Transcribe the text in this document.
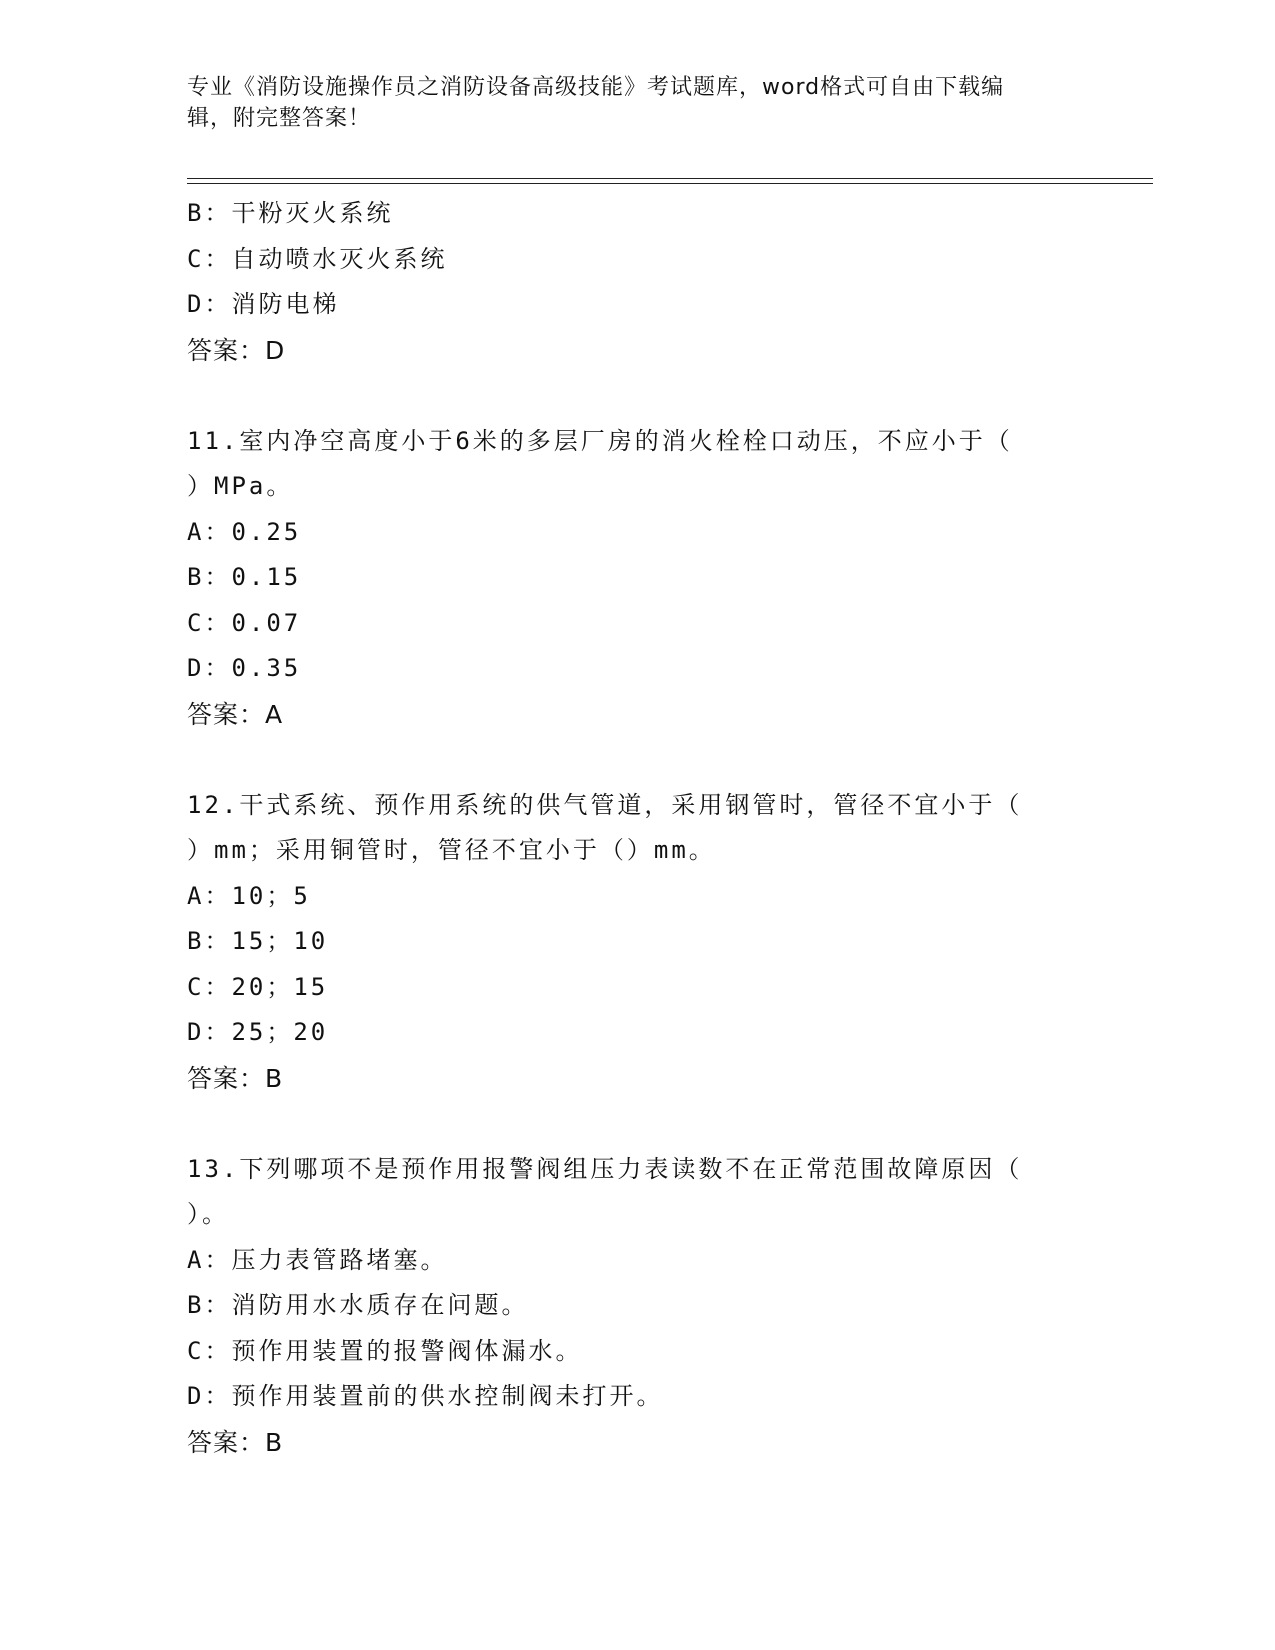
专业《消防设施操作员之消防设备高级技能》考试题库，word格式可自由下载编
辑，附完整答案！
B：干粉灭火系统
C：自动喷水灭火系统
D：消防电梯
答案：D
11.室内净空高度小于6米的多层厂房的消火栓栓口动压，不应小于（
）MPa。
A：0.25
B：0.15
C：0.07
D：0.35
答案：A
12.干式系统、预作用系统的供气管道，采用钢管时，管径不宜小于（
）mm；采用铜管时，管径不宜小于（）mm。
A：10；5
B：15；10
C：20；15
D：25；20
答案：B
13.下列哪项不是预作用报警阀组压力表读数不在正常范围故障原因（
）。
A：压力表管路堵塞。
B：消防用水水质存在问题。
C：预作用装置的报警阀体漏水。
D：预作用装置前的供水控制阀未打开。
答案：B
